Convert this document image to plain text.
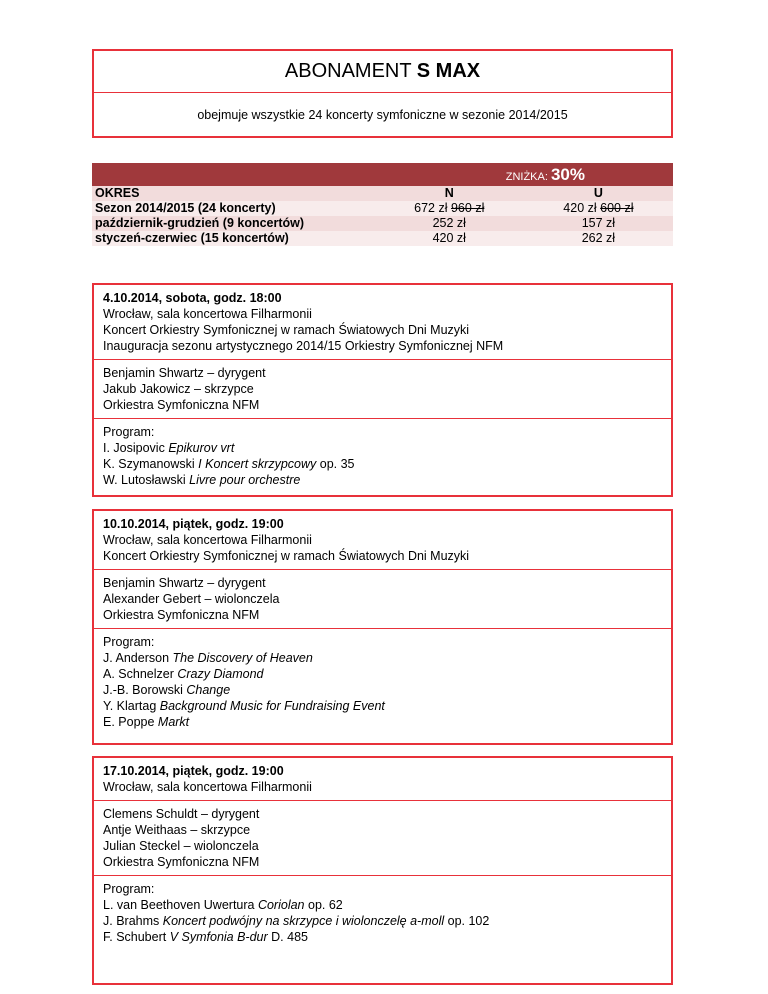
ABONAMENT S MAX
obejmuje wszystkie 24 koncerty symfoniczne w sezonie 2014/2015
ZNIŻKA: 30%
OKRES	N	U
Sezon 2014/2015 (24 koncerty)	672 zł 960 zł	420 zł 600 zł
październik-grudzień (9 koncertów)	252 zł	157 zł
styczeń-czerwiec (15 koncertów)	420 zł	262 zł
4.10.2014, sobota, godz. 18:00
Wrocław, sala koncertowa Filharmonii
Koncert Orkiestry Symfonicznej w ramach Światowych Dni Muzyki
Inauguracja sezonu artystycznego 2014/15 Orkiestry Symfonicznej NFM
Benjamin Shwartz – dyrygent
Jakub Jakowicz – skrzypce
Orkiestra Symfoniczna NFM
Program:
I. Josipovic Epikurov vrt
K. Szymanowski I Koncert skrzypcowy op. 35
W. Lutosławski Livre pour orchestre
10.10.2014, piątek, godz. 19:00
Wrocław, sala koncertowa Filharmonii
Koncert Orkiestry Symfonicznej w ramach Światowych Dni Muzyki
Benjamin Shwartz – dyrygent
Alexander Gebert – wiolonczela
Orkiestra Symfoniczna NFM
Program:
J. Anderson The Discovery of Heaven
A. Schnelzer Crazy Diamond
J.-B. Borowski Change
Y. Klartag Background Music for Fundraising Event
E. Poppe Markt
17.10.2014, piątek, godz. 19:00
Wrocław, sala koncertowa Filharmonii
Clemens Schuldt – dyrygent
Antje Weithaas – skrzypce
Julian Steckel – wiolonczela
Orkiestra Symfoniczna NFM
Program:
L. van Beethoven Uwertura Coriolan op. 62
J. Brahms Koncert podwójny na skrzypce i wiolonczelę a-moll op. 102
F. Schubert V Symfonia B-dur D. 485
